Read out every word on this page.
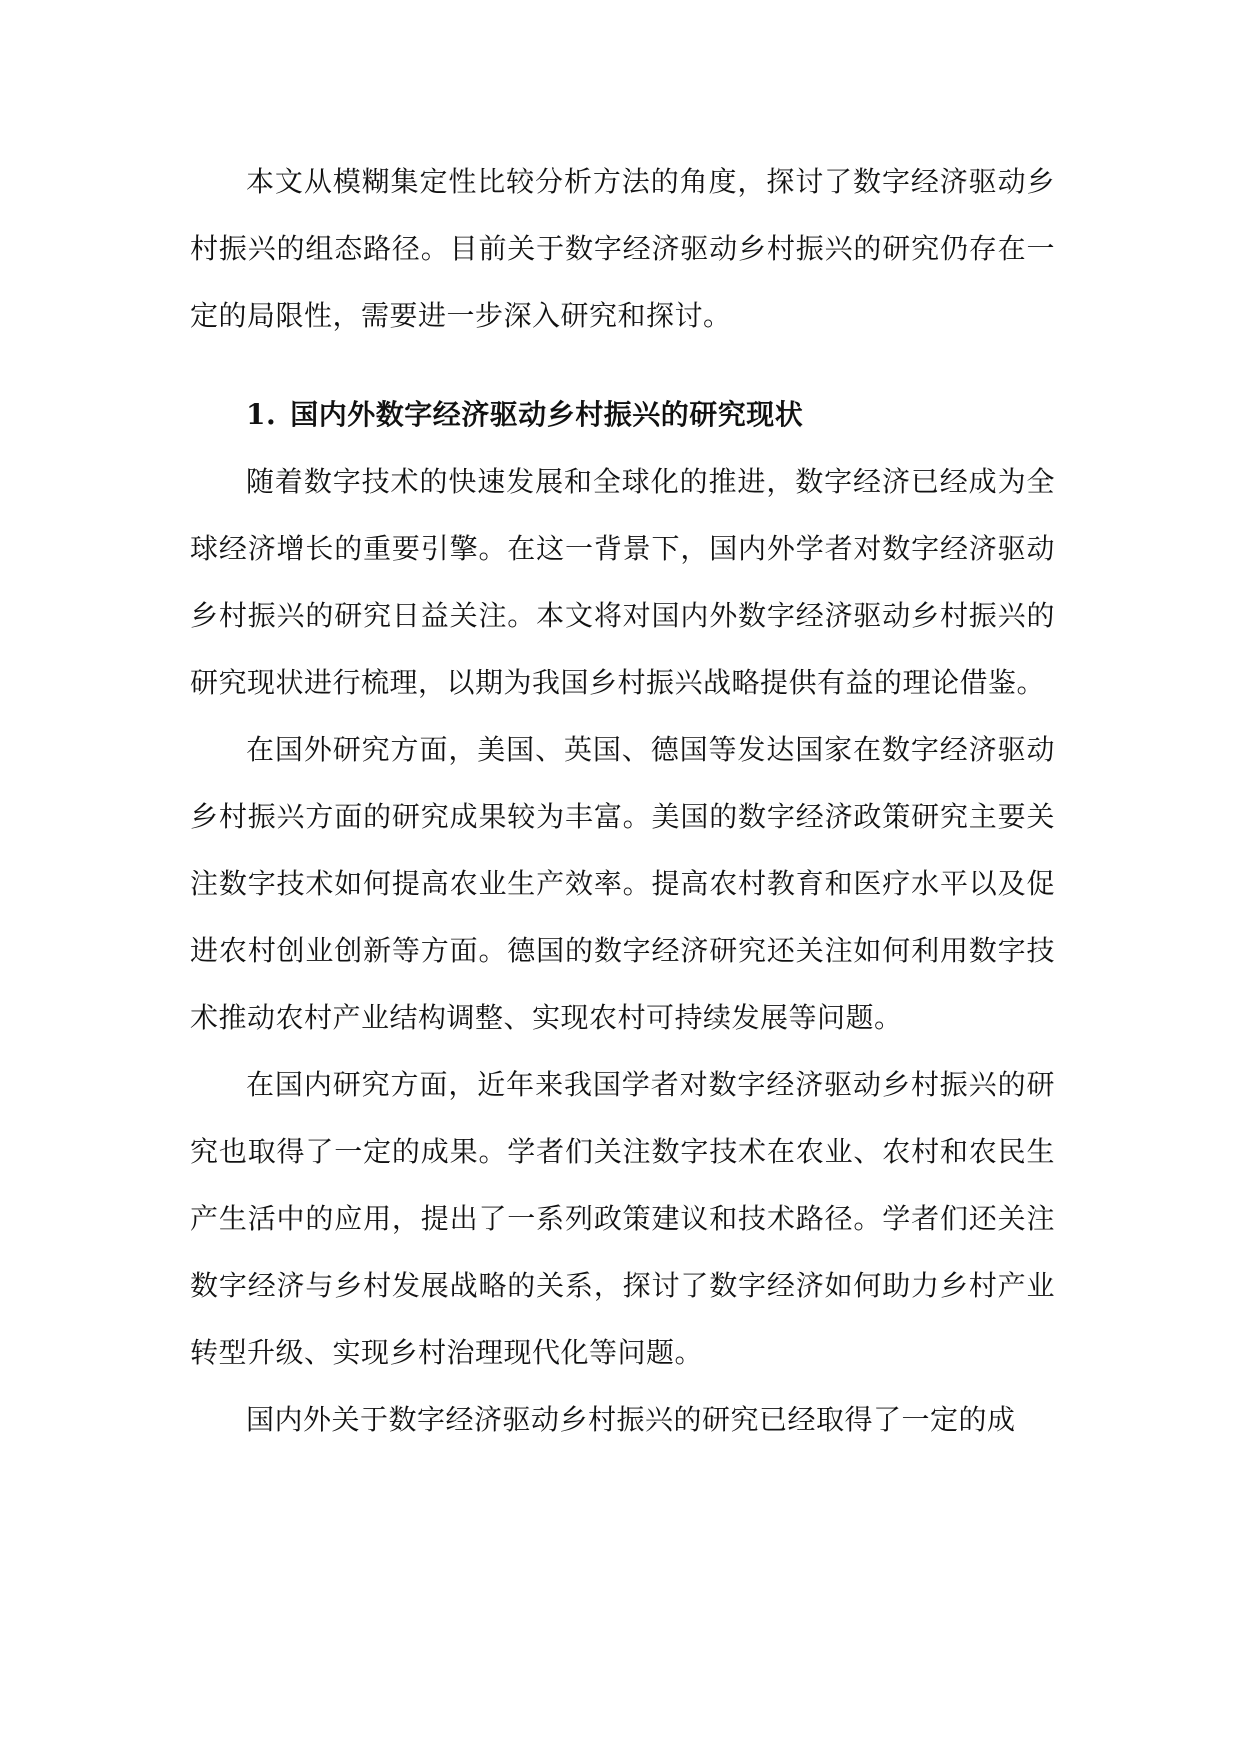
本文从模糊集定性比较分析方法的角度，探讨了数字经济驱动乡村振兴的组态路径。目前关于数字经济驱动乡村振兴的研究仍存在一定的局限性，需要进一步深入研究和探讨。

1. 国内外数字经济驱动乡村振兴的研究现状

随着数字技术的快速发展和全球化的推进，数字经济已经成为全球经济增长的重要引擎。在这一背景下，国内外学者对数字经济驱动乡村振兴的研究日益关注。本文将对国内外数字经济驱动乡村振兴的研究现状进行梳理，以期为我国乡村振兴战略提供有益的理论借鉴。

在国外研究方面，美国、英国、德国等发达国家在数字经济驱动乡村振兴方面的研究成果较为丰富。美国的数字经济政策研究主要关注数字技术如何提高农业生产效率。提高农村教育和医疗水平以及促进农村创业创新等方面。德国的数字经济研究还关注如何利用数字技术推动农村产业结构调整、实现农村可持续发展等问题。

在国内研究方面，近年来我国学者对数字经济驱动乡村振兴的研究也取得了一定的成果。学者们关注数字技术在农业、农村和农民生产生活中的应用，提出了一系列政策建议和技术路径。学者们还关注数字经济与乡村发展战略的关系，探讨了数字经济如何助力乡村产业转型升级、实现乡村治理现代化等问题。

国内外关于数字经济驱动乡村振兴的研究已经取得了一定的成
